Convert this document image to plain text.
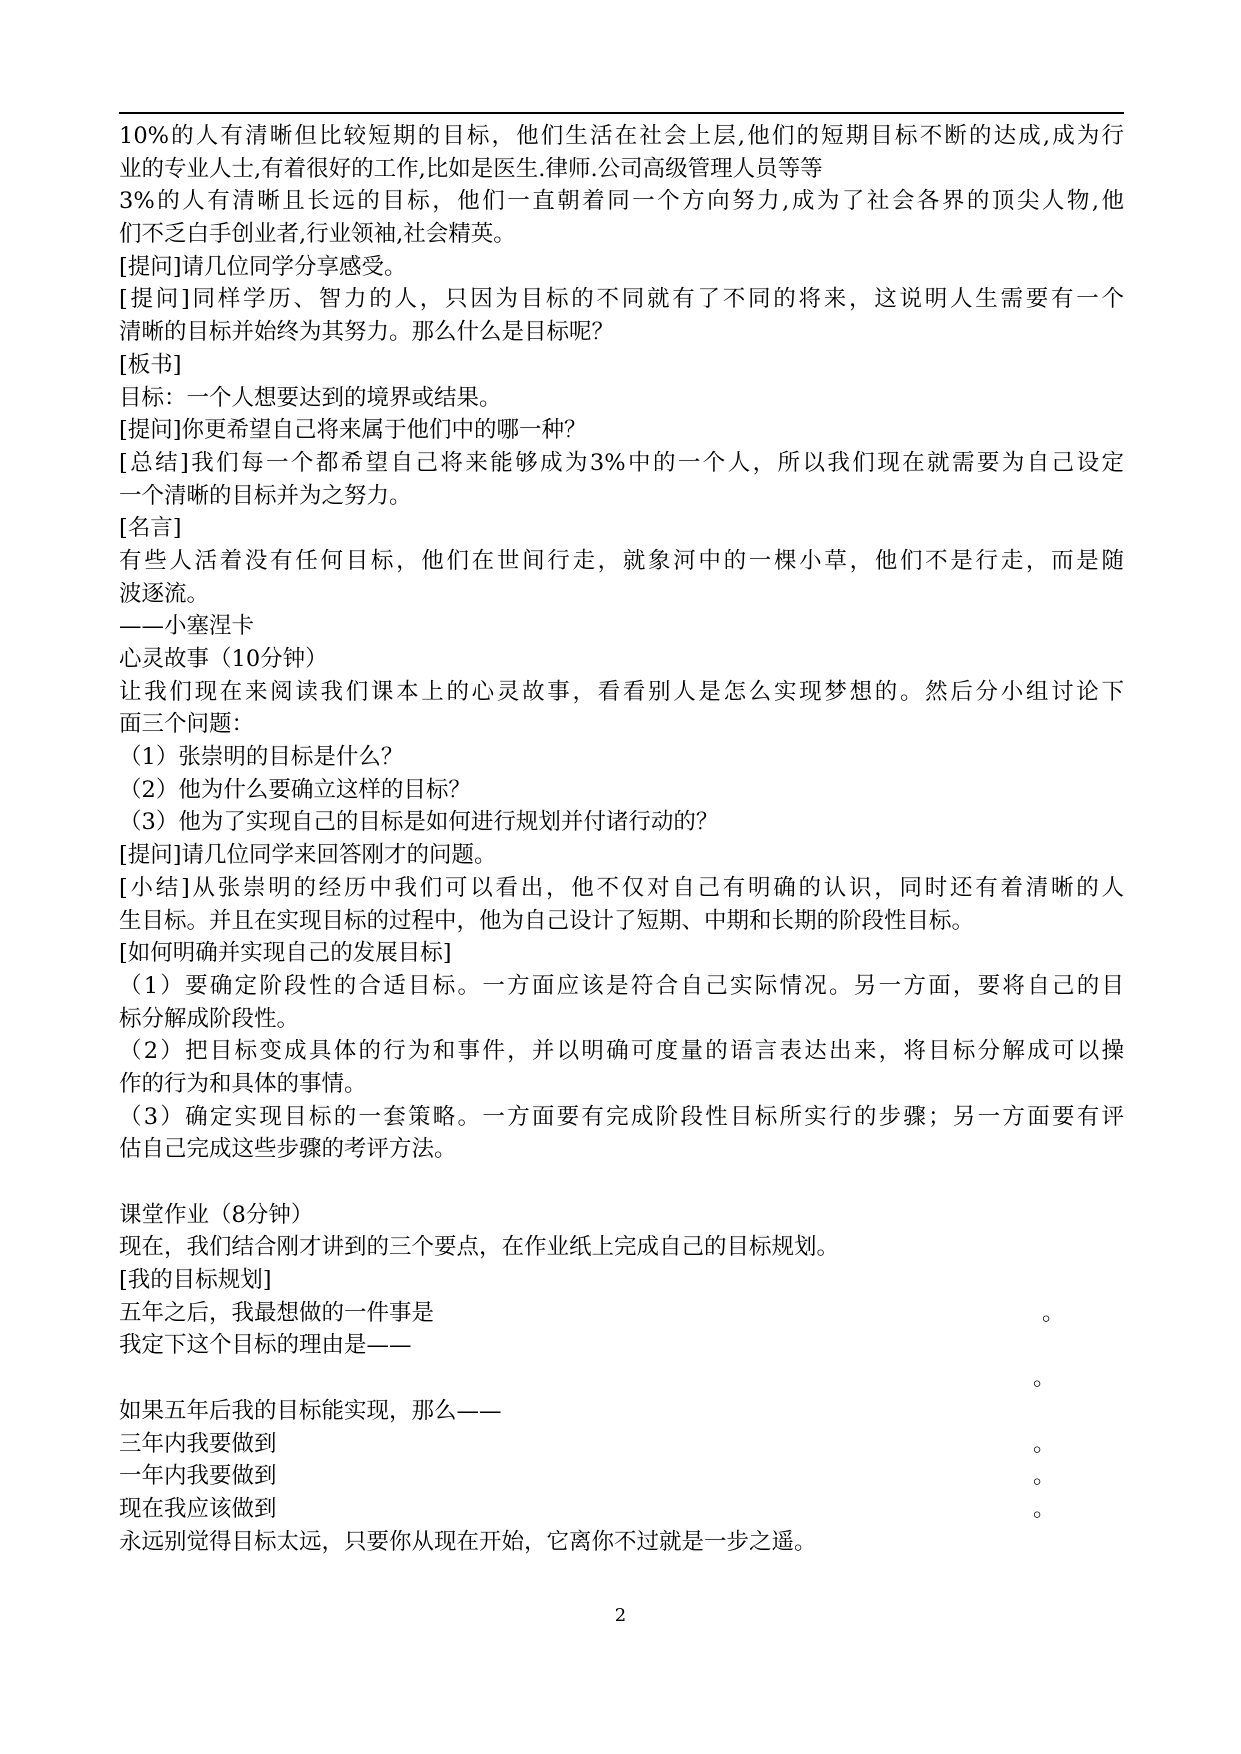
10%的人有清晰但比较短期的目标，他们生活在社会上层,他们的短期目标不断的达成,成为行
业的专业人士,有着很好的工作,比如是医生.律师.公司高级管理人员等等
3%的人有清晰且长远的目标，他们一直朝着同一个方向努力,成为了社会各界的顶尖人物,他
们不乏白手创业者,行业领袖,社会精英。
[提问]请几位同学分享感受。
[提问]同样学历、智力的人，只因为目标的不同就有了不同的将来，这说明人生需要有一个
清晰的目标并始终为其努力。那么什么是目标呢？
[板书]
目标：一个人想要达到的境界或结果。
[提问]你更希望自己将来属于他们中的哪一种？
[总结]我们每一个都希望自己将来能够成为3%中的一个人，所以我们现在就需要为自己设定
一个清晰的目标并为之努力。
[名言]
有些人活着没有任何目标，他们在世间行走，就象河中的一棵小草，他们不是行走，而是随
波逐流。
——小塞涅卡
心灵故事（10分钟）
让我们现在来阅读我们课本上的心灵故事，看看别人是怎么实现梦想的。然后分小组讨论下
面三个问题：
（1）张崇明的目标是什么？
（2）他为什么要确立这样的目标？
（3）他为了实现自己的目标是如何进行规划并付诸行动的？
[提问]请几位同学来回答刚才的问题。
[小结]从张崇明的经历中我们可以看出，他不仅对自己有明确的认识，同时还有着清晰的人
生目标。并且在实现目标的过程中，他为自己设计了短期、中期和长期的阶段性目标。
[如何明确并实现自己的发展目标]
（1）要确定阶段性的合适目标。一方面应该是符合自己实际情况。另一方面，要将自己的目
标分解成阶段性。
（2）把目标变成具体的行为和事件，并以明确可度量的语言表达出来，将目标分解成可以操
作的行为和具体的事情。
（3）确定实现目标的一套策略。一方面要有完成阶段性目标所实行的步骤；另一方面要有评
估自己完成这些步骤的考评方法。
课堂作业（8分钟）
现在，我们结合刚才讲到的三个要点，在作业纸上完成自己的目标规划。
[我的目标规划]
五年之后，我最想做的一件事是	。
我定下这个目标的理由是——
。
如果五年后我的目标能实现，那么——
三年内我要做到	。
一年内我要做到	。
现在我应该做到	。
永远别觉得目标太远，只要你从现在开始，它离你不过就是一步之遥。
2
